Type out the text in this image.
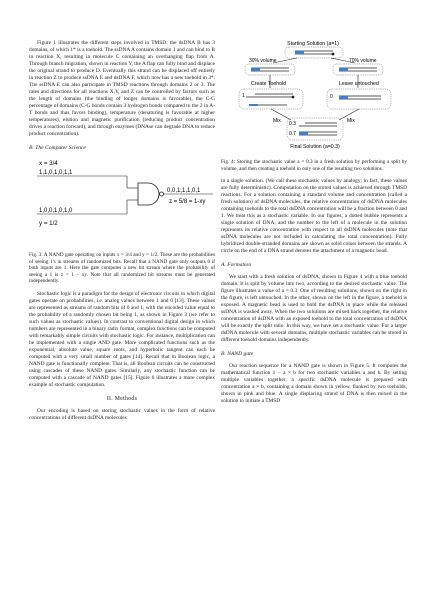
Figure 1 illustrates the different steps involved in TMSD: the dsDNA B has 3 domains, of which 1* is a toehold. The ssDNA A contains domain 1 and can bind to B in reaction X, resulting in molecule C containing an overhanging flap from A. Through branch migration, shown in reaction Y, the A flap can fully bind and displace the original strand to produce D. Eventually this strand can be displaced off entirely in reaction Z to produce ssDNA E and dsDNA F, which now has a new toehold in 3*. The ssDNA E can also participate in TMSD reactions through domains 2 or 3. The rates and directions for all reactions X,Y, and Z can be controlled by factors such as the length of domains (the binding of longer domains is favorable), the C-G percentage of domains (C-G bonds contain 3 hydrogen bonds compared to the 2 in A-T bonds and thus favors binding), temperature (denaturing is favorable at higher temperatures), elution and magnetic purification (reducing product concentration drives a reaction forward), and through enzymes (DNAse can degrade DNA to reduce product concentration).

B. The Computer Science
x = 3/4
1,1,0,1,0,1,1
1,0,0,1,0,1,0
0,0,1,1,1,0,1
z = 5/8 = 1-xy
y = 1/2

Fig. 3: A NAND gate operating on inputs x = 3/4 and y = 1/2. These are the probabilities of seeing 1's in streams of randomized bits. Recall that a NAND gate only outputs 0 if both inputs are 1. Here the gate computes a new bit stream where the probability of seeing a 1 is z = 1 − xy. Note that all randomized bit streams must be generated independently.

Stochastic logic is a paradigm for the design of electronic circuits in which digital gates operate on probabilities, i.e. analog values between 1 and 0 [13]. These values are represented as streams of random bits of 0 and 1, with the encoded value equal to the probability of a randomly chosen bit being 1, as shown in Figure 3 (we refer to such values as stochastic values). In contrast to conventional digital design in which numbers are represented in a binary radix format, complex functions can be computed with remarkably simple circuits with stochastic logic. For instance, multiplication can be implemented with a single AND gate. More complicated functions such as the exponential, absolute value, square roots, and hyperbolic tangent can each be computed with a very small number of gates [14]. Recall that in Boolean logic, a NAND gate is functionally complete. That is, all Boolean circuits can be constructed using cascades of these NAND gates. Similarly, any stochastic function can be computed with a cascade of NAND gates [15]. Figure 6 illustrates a more complex example of stochastic computation.

II. Methods

Our encoding is based on storing stochastic values in the form of relative concentrations of different dsDNA molecules

Starting Solution (a=1)
30% volume	70% volume
Create Toehold	Leave untouched
1	0
Mix	Mix
0.3
0.7
Final Solution (a=0.3)

Fig. 4: Storing the stochastic value a = 0.3 in a fresh solution by performing a split by volume, and then creating a toehold in only one of the resulting two solutions.

in a single solution. (We call these stochastic values by analogy; in fact, these values are fully deterministic). Computation on the stored values is achieved through TMSD reactions. For a solution containing a standard volume and concentration (called a fresh solution) of dsDNA molecules, the relative concentration of dsDNA molecules containing toeholds to the total dsDNA concentration will be a fraction between 0 and 1. We treat this as a stochastic variable. In our figures, a dotted bubble represents a single solution of DNA, and the number to the left of a molecule in the solution represents its relative concentration with respect to all dsDNA molecules (note that ssDNA molecules are not included in calculating the total concentration). Fully hybridized double-stranded domains are shown as solid colors between the strands. A circle on the end of a DNA strand denotes the attachment of a magnetic bead.

A. Formation

We start with a fresh solution of dsDNA, shown in Figure 4 with a blue toehold domain. It is split by volume into two, according to the desired stochastic value. The figure illustrates a value of a = 0.3. One of resulting solutions, shown on the right in the figure, is left untouched. In the other, shown on the left in the figure, a toehold is exposed. A magnetic bead is used to hold the dsDNA in place while the released ssDNA is washed away. When the two solutions are mixed back together, the relative concentration of dsDNA with an exposed toehold to the total concentration of dsDNA will be exactly the split ratio. In this way, we have set a stochastic value. For a larger dsDNA molecule with several domains, multiple stochastic variables can be stored in different toehold domains independently.

B. NAND gate

Our reaction sequence for a NAND gate is shown in Figure 5. It computes the mathematical function 1 − a × b for two stochastic variables a and b. By setting multiple variables together, a specific dsDNA molecule is prepared with concentration a × b, containing a domain shown in yellow, flanked by two toeholds, shown in pink and blue. A single displacing strand of DNA is then mixed in the solution to initiate a TMSD
